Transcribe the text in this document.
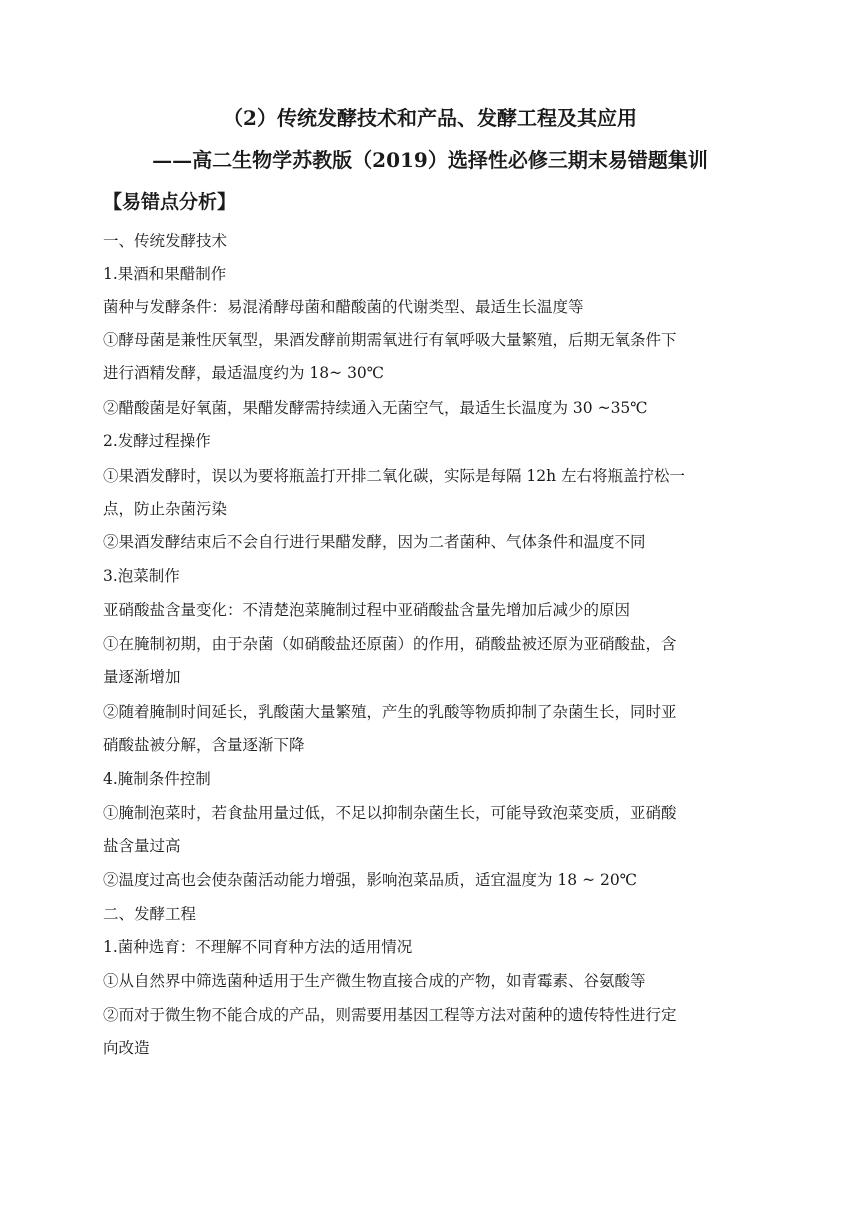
（2）传统发酵技术和产品、发酵工程及其应用
——高二生物学苏教版（2019）选择性必修三期末易错题集训
【易错点分析】
一、传统发酵技术
1.果酒和果醋制作
菌种与发酵条件：易混淆酵母菌和醋酸菌的代谢类型、最适生长温度等
①酵母菌是兼性厌氧型，果酒发酵前期需氧进行有氧呼吸大量繁殖，后期无氧条件下
进行酒精发酵，最适温度约为 18~ 30℃
②醋酸菌是好氧菌，果醋发酵需持续通入无菌空气，最适生长温度为 30 ~35℃
2.发酵过程操作
①果酒发酵时，误以为要将瓶盖打开排二氧化碳，实际是每隔 12h 左右将瓶盖拧松一
点，防止杂菌污染
②果酒发酵结束后不会自行进行果醋发酵，因为二者菌种、气体条件和温度不同
3.泡菜制作
亚硝酸盐含量变化：不清楚泡菜腌制过程中亚硝酸盐含量先增加后减少的原因
①在腌制初期，由于杂菌（如硝酸盐还原菌）的作用，硝酸盐被还原为亚硝酸盐，含
量逐渐增加
②随着腌制时间延长，乳酸菌大量繁殖，产生的乳酸等物质抑制了杂菌生长，同时亚
硝酸盐被分解，含量逐渐下降
4.腌制条件控制
①腌制泡菜时，若食盐用量过低，不足以抑制杂菌生长，可能导致泡菜变质，亚硝酸
盐含量过高
②温度过高也会使杂菌活动能力增强，影响泡菜品质，适宜温度为 18 ~ 20℃
二、发酵工程
1.菌种选育：不理解不同育种方法的适用情况
①从自然界中筛选菌种适用于生产微生物直接合成的产物，如青霉素、谷氨酸等
②而对于微生物不能合成的产品，则需要用基因工程等方法对菌种的遗传特性进行定
向改造
